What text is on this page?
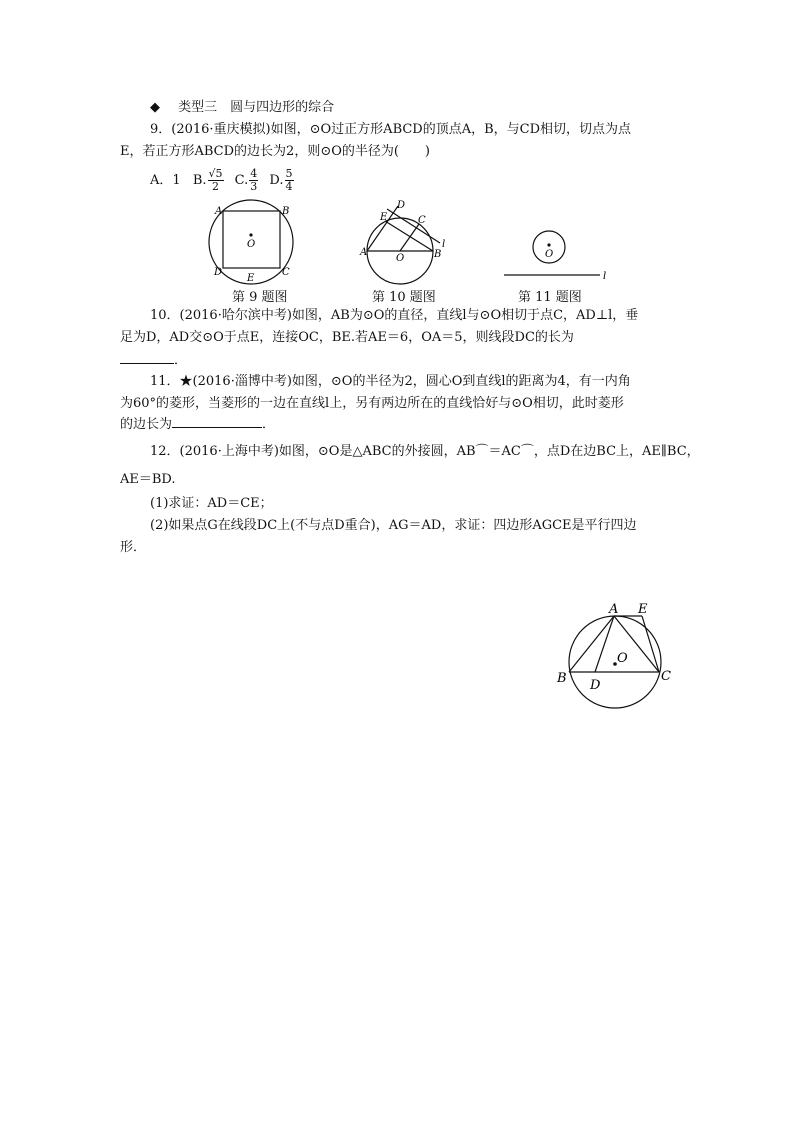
◆ 类型三　圆与四边形的综合
9．(2016·重庆模拟)如图，⊙O过正方形ABCD的顶点A，B，与CD相切，切点为点
E，若正方形ABCD的边长为2，则⊙O的半径为(　　)
A．1 B. $\frac{√5}{2} C$. $\frac{4}{3} D$. $\frac{5}{4}$
A	B
C
D
E
O
A	B
C
D
E
O
l
O
l
第 9 题图	第 10 题图	第 11 题图
10．(2016·哈尔滨中考)如图，AB为⊙O的直径，直线l与⊙O相切于点C，AD⊥l，垂
足为D，AD交⊙O于点E，连接OC，BE.若AE＝6，OA＝5，则线段DC的长为
．
11．★(2016·淄博中考)如图，⊙O的半径为2，圆心O到直线l的距离为4，有一内角
为60°的菱形，当菱形的一边在直线l上，另有两边所在的直线恰好与⊙O相切，此时菱形
的边长为	．
12．(2016·上海中考)如图，⊙O是△ABC的外接圆，AB⌒＝AC⌒，点D在边BC上，AE∥BC，
AE＝BD.
(1)求证：AD＝CE；
(2)如果点G在线段DC上(不与点D重合)，AG＝AD，求证：四边形AGCE是平行四边
形．
A E
B	C
D
O
